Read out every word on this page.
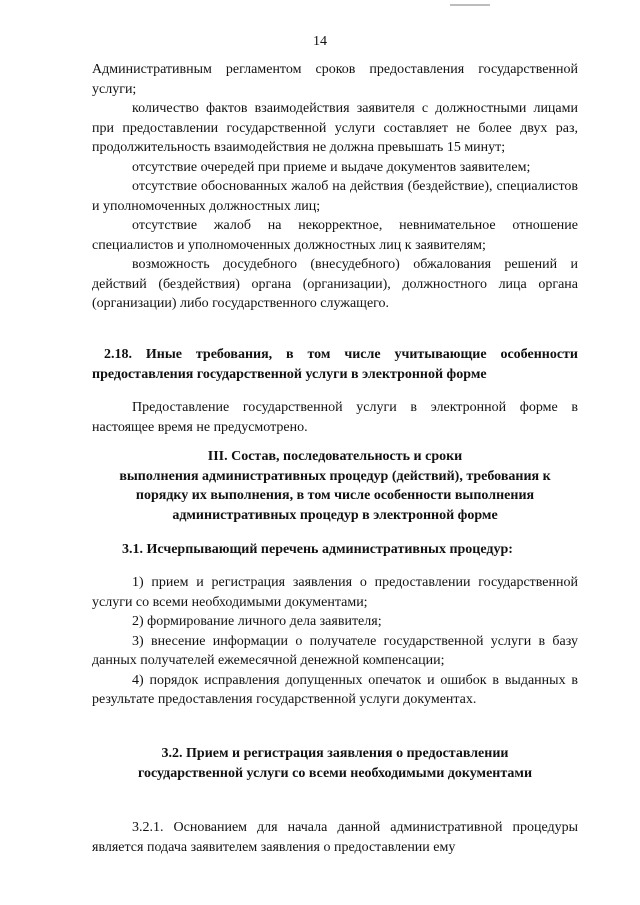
14

Административным регламентом сроков предоставления государственной услуги;

количество фактов взаимодействия заявителя с должностными лицами при предоставлении государственной услуги составляет не более двух раз, продолжительность взаимодействия не должна превышать 15 минут;

отсутствие очередей при приеме и выдаче документов заявителем;

отсутствие обоснованных жалоб на действия (бездействие), специалистов и уполномоченных должностных лиц;

отсутствие жалоб на некорректное, невнимательное отношение специалистов и уполномоченных должностных лиц к заявителям;

возможность досудебного (внесудебного) обжалования решений и действий (бездействия) органа (организации), должностного лица органа (организации) либо государственного служащего.

2.18. Иные требования, в том числе учитывающие особенности предоставления государственной услуги в электронной форме

Предоставление государственной услуги в электронной форме в настоящее время не предусмотрено.

III. Состав, последовательность и сроки
выполнения административных процедур (действий), требования к порядку их выполнения, в том числе особенности выполнения административных процедур в электронной форме
3.1. Исчерпывающий перечень административных процедур:

1) прием и регистрация заявления о предоставлении государственной услуги со всеми необходимыми документами;

2) формирование личного дела заявителя;

3) внесение информации о получателе государственной услуги в базу данных получателей ежемесячной денежной компенсации;

4) порядок исправления допущенных опечаток и ошибок в выданных в результате предоставления государственной услуги документах.

3.2. Прием и регистрация заявления о предоставлении
государственной услуги со всеми необходимыми документами

3.2.1. Основанием для начала данной административной процедуры является подача заявителем заявления о предоставлении ему
